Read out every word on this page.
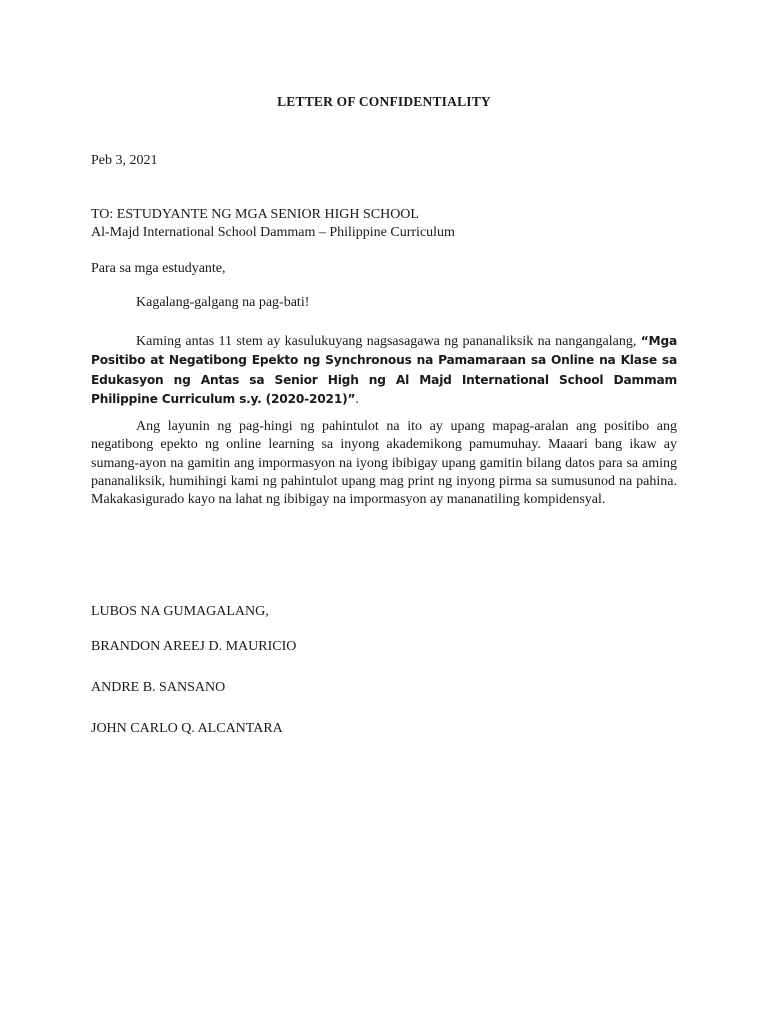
LETTER OF CONFIDENTIALITY
Peb 3, 2021
TO: ESTUDYANTE NG MGA SENIOR HIGH SCHOOL
Al-Majd International School Dammam – Philippine Curriculum
Para sa mga estudyante,
Kagalang-galgang na pag-bati!
Kaming antas 11 stem ay kasulukuyang nagsasagawa ng pananaliksik na nangangalang, “Mga Positibo at Negatibong Epekto ng Synchronous na Pamamaraan sa Online na Klase sa Edukasyon ng Antas sa Senior High ng Al Majd International School Dammam Philippine Curriculum s.y. (2020-2021)”.
Ang layunin ng pag-hingi ng pahintulot na ito ay upang mapag-aralan ang positibo ang negatibong epekto ng online learning sa inyong akademikong pamumuhay. Maaari bang ikaw ay sumang-ayon na gamitin ang impormasyon na iyong ibibigay upang gamitin bilang datos para sa aming pananaliksik, humihingi kami ng pahintulot upang mag print ng inyong pirma sa sumusunod na pahina. Makakasigurado kayo na lahat ng ibibigay na impormasyon ay mananatiling kompidensyal.
LUBOS NA GUMAGALANG,
BRANDON AREEJ D. MAURICIO
ANDRE B. SANSANO
JOHN CARLO Q. ALCANTARA
